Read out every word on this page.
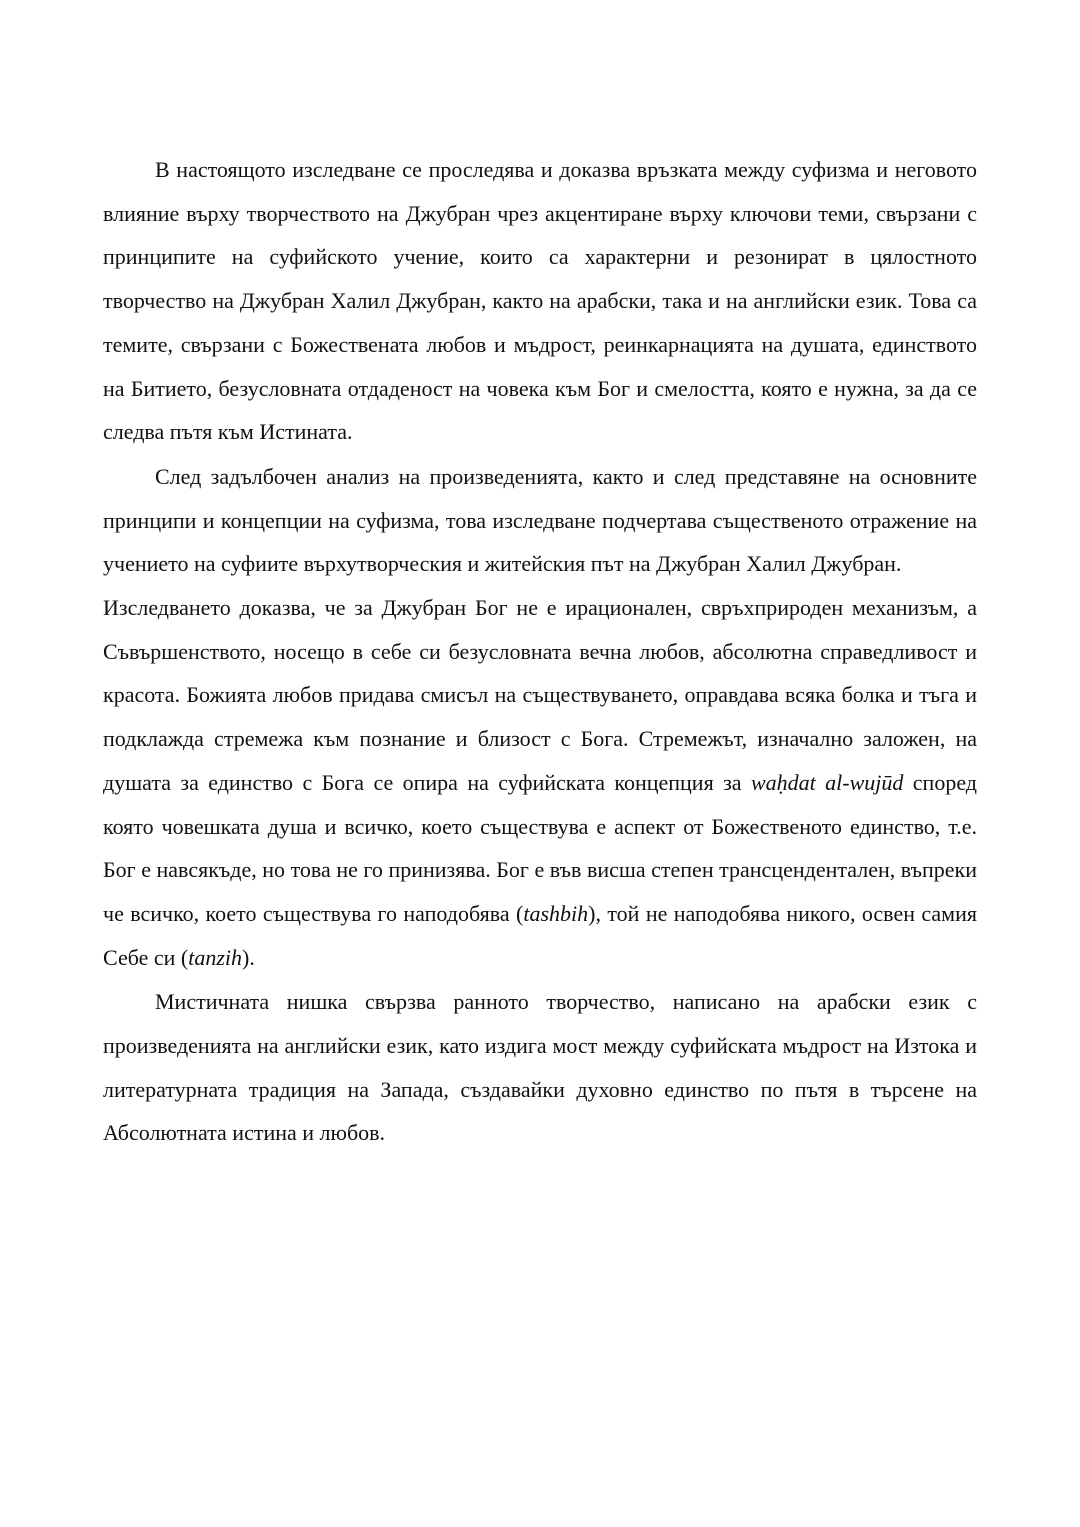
В настоящото изследване се проследява и доказва връзката между суфизма и неговото влияние върху творчеството на Джубран чрез акцентиране върху ключови теми, свързани с принципите на суфийското учение, които са характерни и резонират в цялостното творчество на Джубран Халил Джубран, както на арабски, така и на английски език. Това са темите, свързани с Божествената любов и мъдрост, реинкарнацията на душата, единството на Битието, безусловната отдаденост на човека към Бог и смелостта, която е нужна, за да се следва пътя към Истината.

След задълбочен анализ на произведенията, както и след представяне на основните принципи и концепции на суфизма, това изследване подчертава същественото отражение на учението на суфиите върхутворческия и житейския път на Джубран Халил Джубран.

Изследването доказва, че за Джубран Бог не е ирационален, свръхприроден механизъм, а Съвършенството, носещо в себе си безусловната вечна любов, абсолютна справедливост и красота. Божията любов придава смисъл на съществуването, оправдава всяка болка и тъга и подклажда стремежа към познание и близост с Бога. Стремежът, изначално заложен, на душата за единство с Бога се опира на суфийската концепция за waḥdat al-wujūd според която човешката душа и всичко, което съществува е аспект от Божественото единство, т.е. Бог е навсякъде, но това не го принизява. Бог е във висша степен трансцендентален, въпреки че всичко, което съществува го наподобява (tashbih), той не наподобява никого, освен самия Себе си (tanzih).

Мистичната нишка свързва ранното творчество, написано на арабски език с произведенията на английски език, като издига мост между суфийската мъдрост на Изтока и литературната традиция на Запада, създавайки духовно единство по пътя в търсене на Абсолютната истина и любов.
